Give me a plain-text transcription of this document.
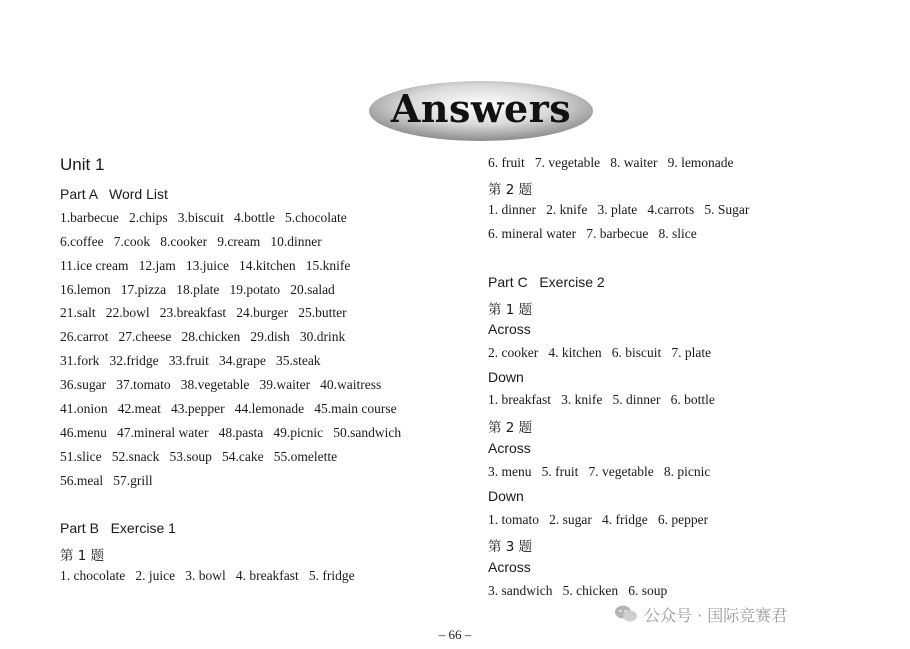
Answers
Unit 1
Part A   Word List
1.barbecue   2.chips   3.biscuit   4.bottle   5.chocolate
6.coffee   7.cook   8.cooker   9.cream   10.dinner
11.ice cream   12.jam   13.juice   14.kitchen   15.knife
16.lemon   17.pizza   18.plate   19.potato   20.salad
21.salt   22.bowl   23.breakfast   24.burger   25.butter
26.carrot   27.cheese   28.chicken   29.dish   30.drink
31.fork   32.fridge   33.fruit   34.grape   35.steak
36.sugar   37.tomato   38.vegetable   39.waiter   40.waitress
41.onion   42.meat   43.pepper   44.lemonade   45.main course
46.menu   47.mineral water   48.pasta   49.picnic   50.sandwich
51.slice   52.snack   53.soup   54.cake   55.omelette
56.meal   57.grill
Part B   Exercise 1
第 1 题
1. chocolate   2. juice   3. bowl   4. breakfast   5. fridge
6. fruit   7. vegetable   8. waiter   9. lemonade
第 2 题
1. dinner   2. knife   3. plate   4.carrots   5. Sugar
6. mineral water   7. barbecue   8. slice
Part C   Exercise 2
第 1 题
Across
2. cooker   4. kitchen   6. biscuit   7. plate
Down
1. breakfast   3. knife   5. dinner   6. bottle
第 2 题
Across
3. menu   5. fruit   7. vegetable   8. picnic
Down
1. tomato   2. sugar   4. fridge   6. pepper
第 3 题
Across
3. sandwich   5. chicken   6. soup
公众号 · 国际竞赛君
– 66 –
